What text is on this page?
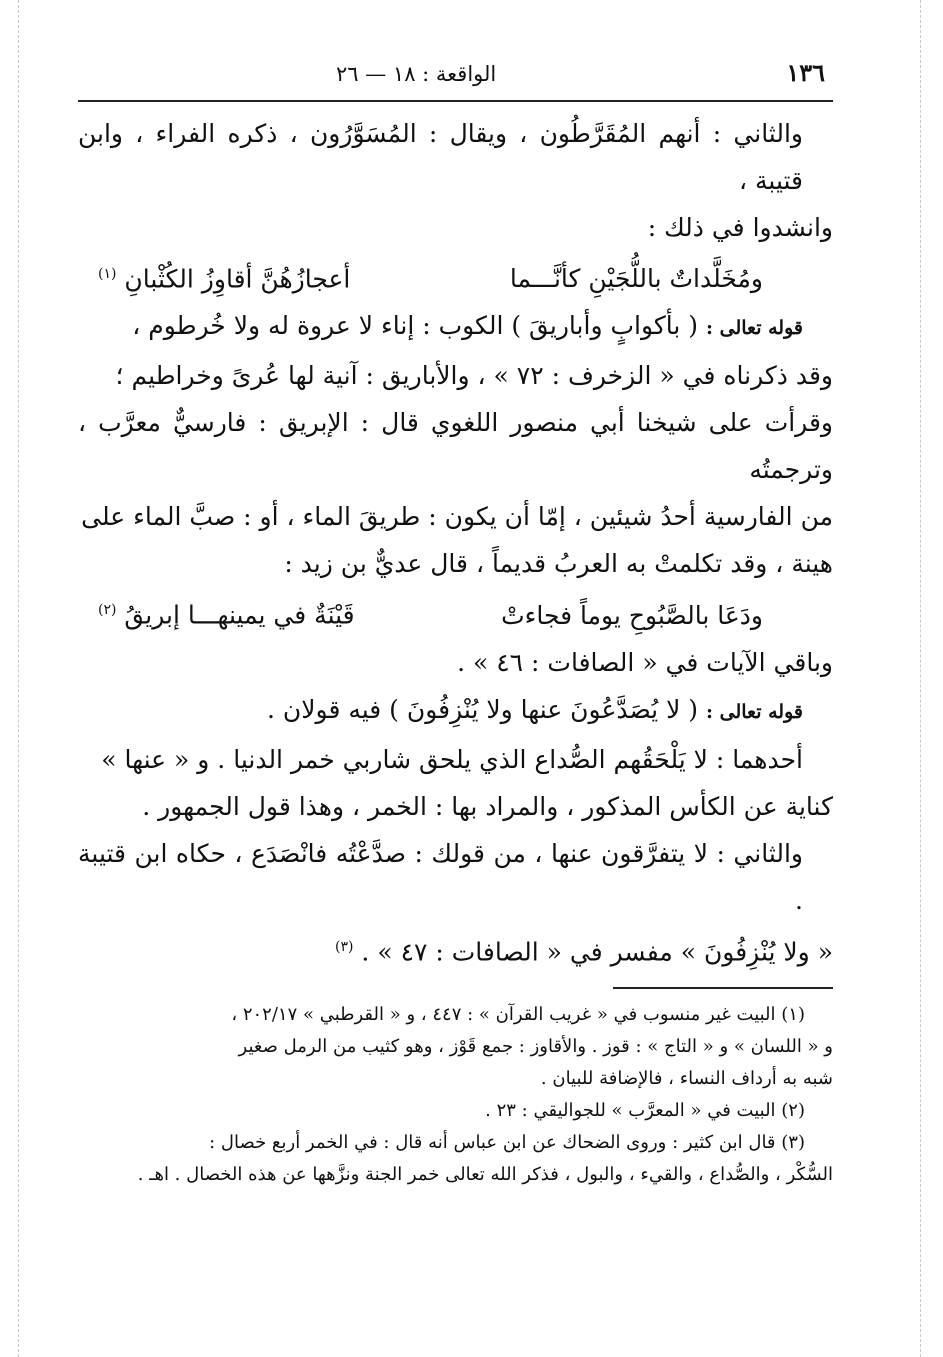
١٣٦
الواقعة : ١٨ — ٢٦

والثاني : أنهم المُقَرَّطُون ، ويقال : المُسَوَّرُون ، ذكره الفراء ، وابن قتيبة ،

وانشدوا في ذلك :

ومُخَلَّداتٌ باللُّجَيْنِ كأنَّـــما
أعجازُهُنَّ أقاوِزُ الكُثْبانِ $^{(١)}$

قوله تعالى : ( بأكوابٍ وأباريقَ ) الكوب : إناء لا عروة له ولا خُرطوم ،

وقد ذكرناه في « الزخرف : ٧٢ » ، والأباريق : آنية لها عُرىً وخراطيم ؛

وقرأت على شيخنا أبي منصور اللغوي قال : الإبريق : فارسيٌّ معرَّب ، وترجمتُه

من الفارسية أحدُ شيئين ، إمّا أن يكون : طريقَ الماء ، أو : صبَّ الماء على

هينة ، وقد تكلمتْ به العربُ قديماً ، قال عديٌّ بن زيد :

ودَعَا بالصَّبُوحِ يوماً فجاءتْ
قَيْنَةٌ في يمينهـــا إبريقُ $^{(٢)}$

وباقي الآيات في « الصافات : ٤٦ » .

قوله تعالى : ( لا يُصَدَّعُونَ عنها ولا يُنْزِفُونَ ) فيه قولان .

أحدهما : لا يَلْحَقُهم الصُّداع الذي يلحق شاربي خمر الدنيا . و « عنها »

كناية عن الكأس المذكور ، والمراد بها : الخمر ، وهذا قول الجمهور .

والثاني : لا يتفرَّقون عنها ، من قولك : صدَّعْتُه فانْصَدَع ، حكاه ابن قتيبة .

« ولا يُنْزِفُونَ » مفسر في « الصافات : ٤٧ » . $^{(٣)}$

(١) البيت غير منسوب في « غريب القرآن » : ٤٤٧ ، و « القرطبي » ٢٠٢/١٧ ،

و « اللسان » و « التاج » : قوز . والأقاوز : جمع قَوْز ، وهو كثيب من الرمل صغير

شبه به أرداف النساء ، فالإضافة للبيان .

(٢) البيت في « المعرَّب » للجواليقي : ٢٣ .

(٣) قال ابن كثير : وروى الضحاك عن ابن عباس أنه قال : في الخمر أربع خصال :

السُّكْر ، والصُّداع ، والقيء ، والبول ، فذكر الله تعالى خمر الجنة ونزَّهها عن هذه الخصال . اهـ .
